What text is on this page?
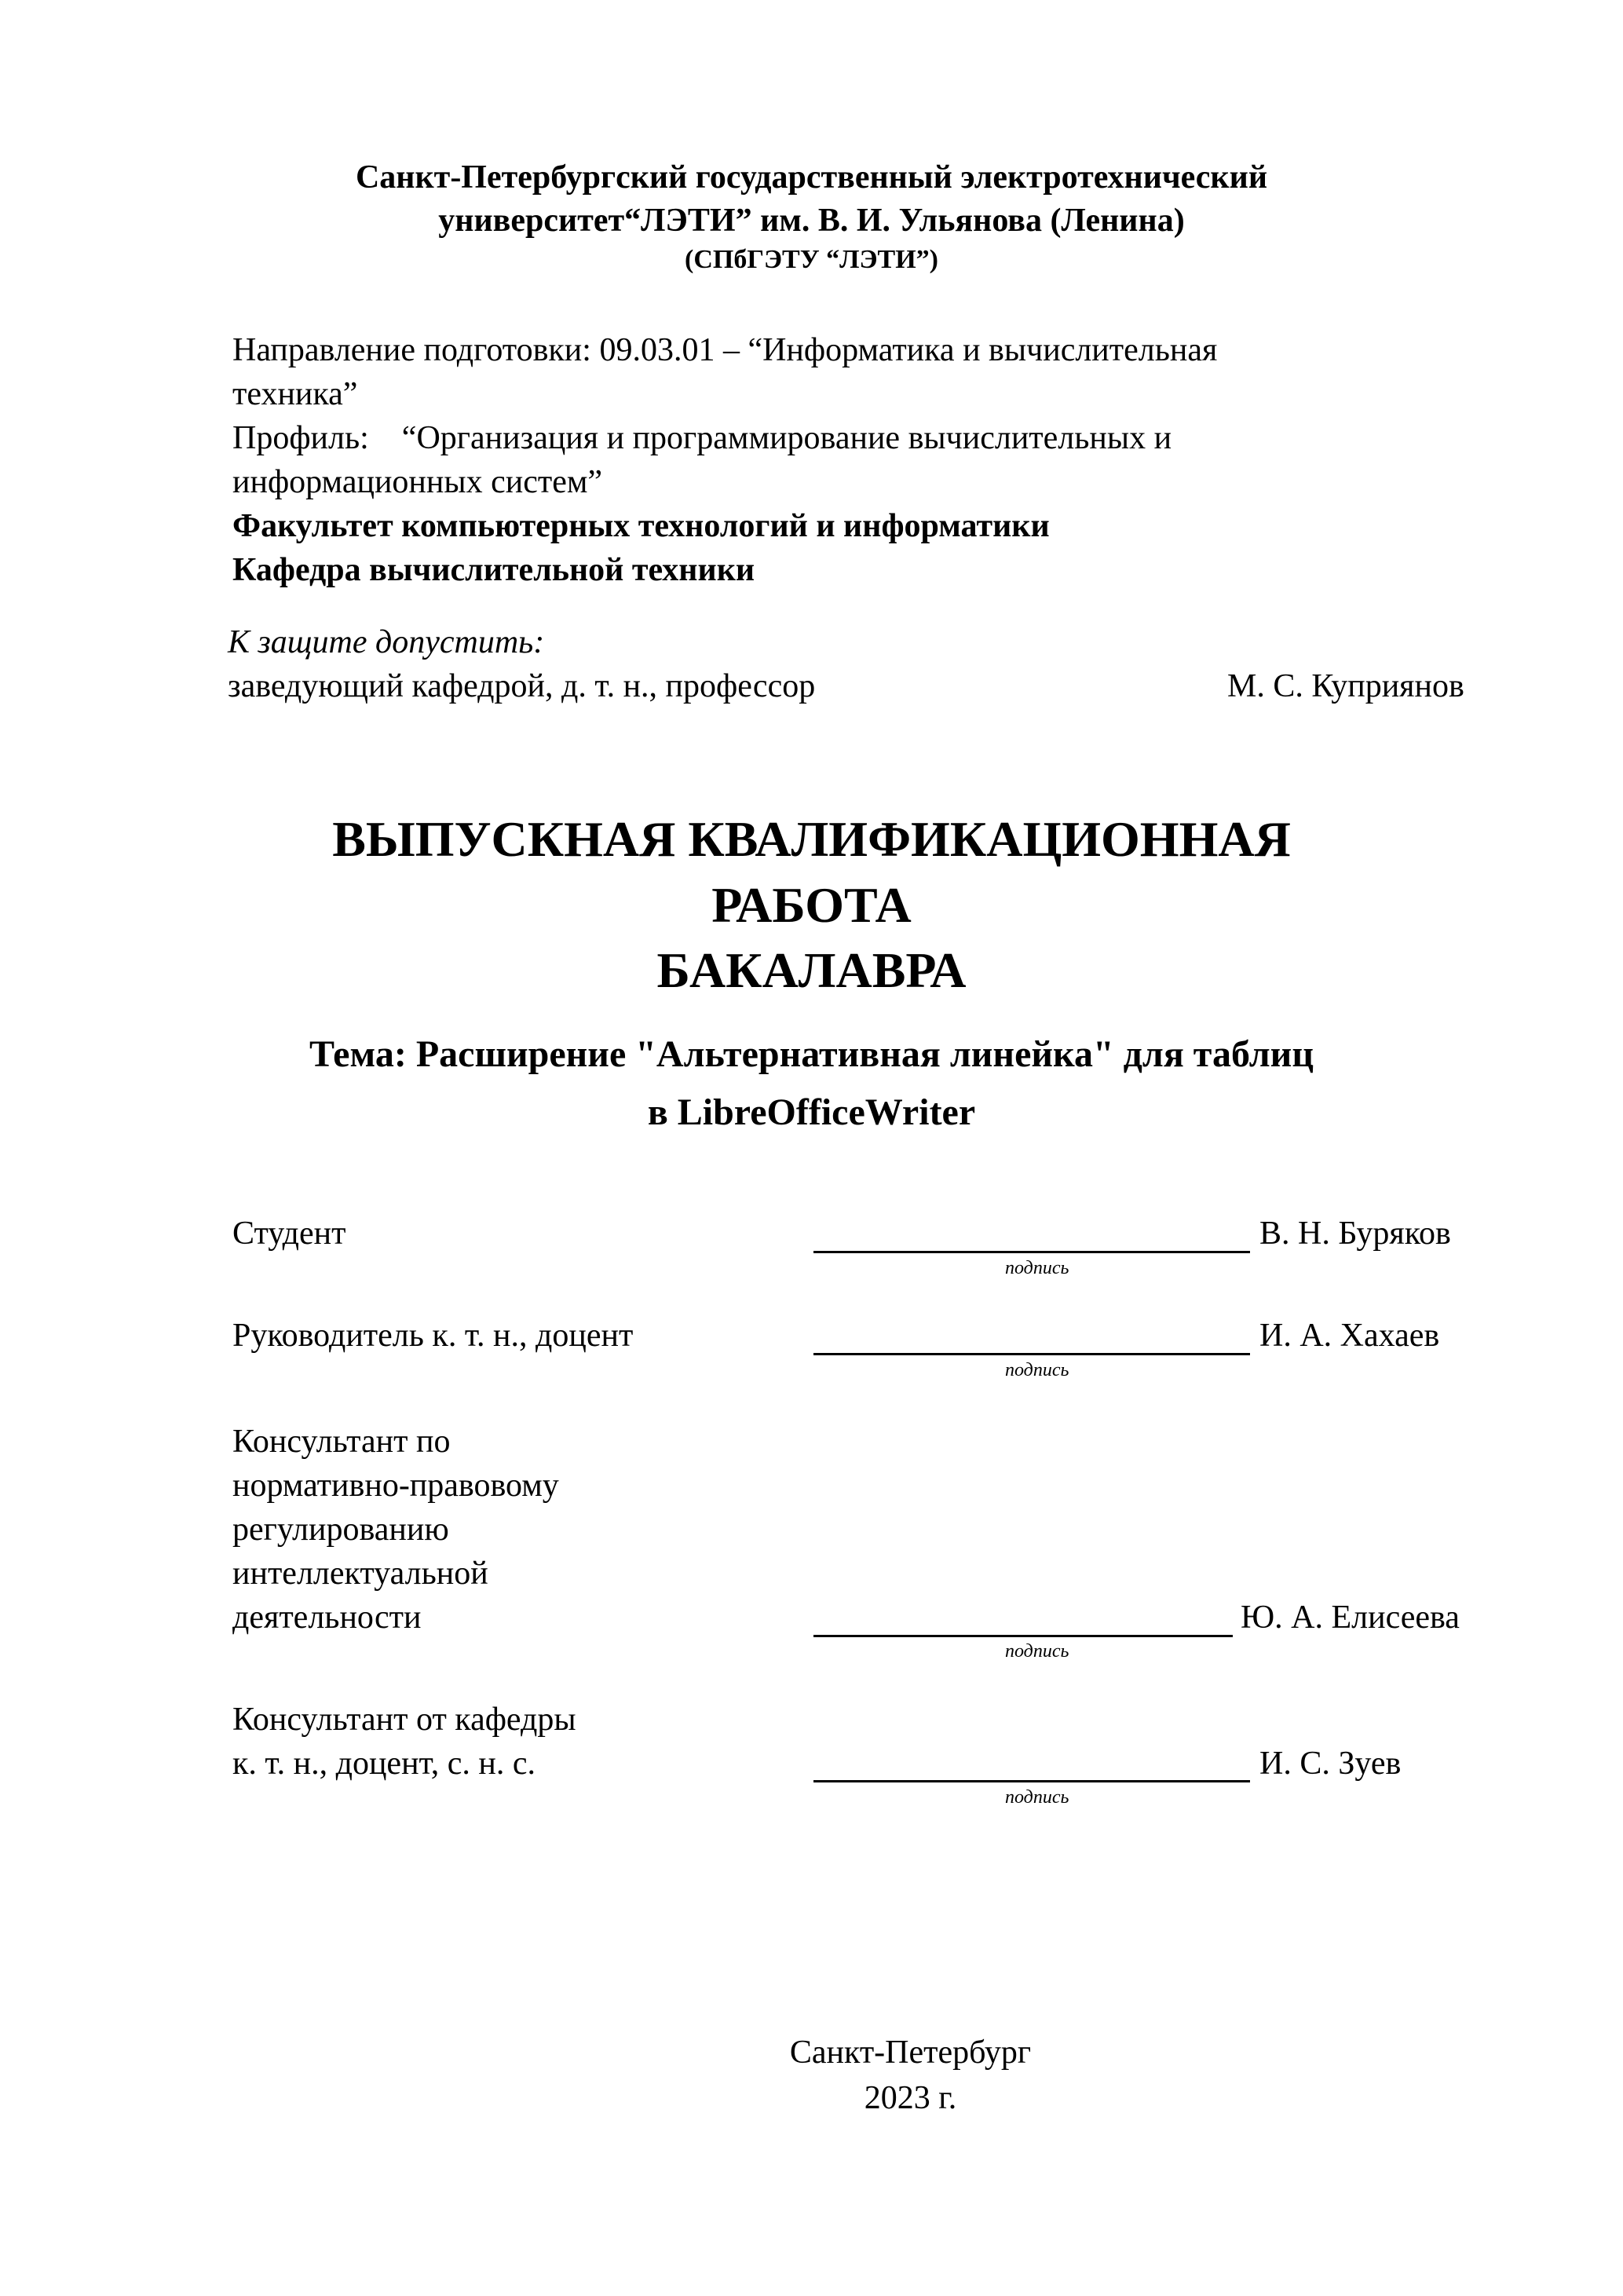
Санкт-Петербургский государственный электротехнический
университет“ЛЭТИ” им. В. И. Ульянова (Ленина)
(СПбГЭТУ “ЛЭТИ”)
Направление подготовки: 09.03.01 – “Информатика и вычислительная
техника”
Профиль:    “Организация и программирование вычислительных и
информационных систем”
Факультет компьютерных технологий и информатики
Кафедра вычислительной техники
К защите допустить:
заведующий кафедрой, д. т. н., профессор	М. С. Куприянов
ВЫПУСКНАЯ КВАЛИФИКАЦИОННАЯ
РАБОТА
БАКАЛАВРА
Тема: Расширение "Альтернативная линейка" для таблиц
в LibreOfficeWriter
Студент	В. Н. Буряков
подпись
Руководитель к. т. н., доцент	И. А. Хахаев
подпись
Консультант по
нормативно-правовому
регулированию
интеллектуальной
деятельности	Ю. А. Елисеева
подпись
Консультант от кафедры
к. т. н., доцент, с. н. с.	И. С. Зуев
подпись
Санкт-Петербург
2023 г.
